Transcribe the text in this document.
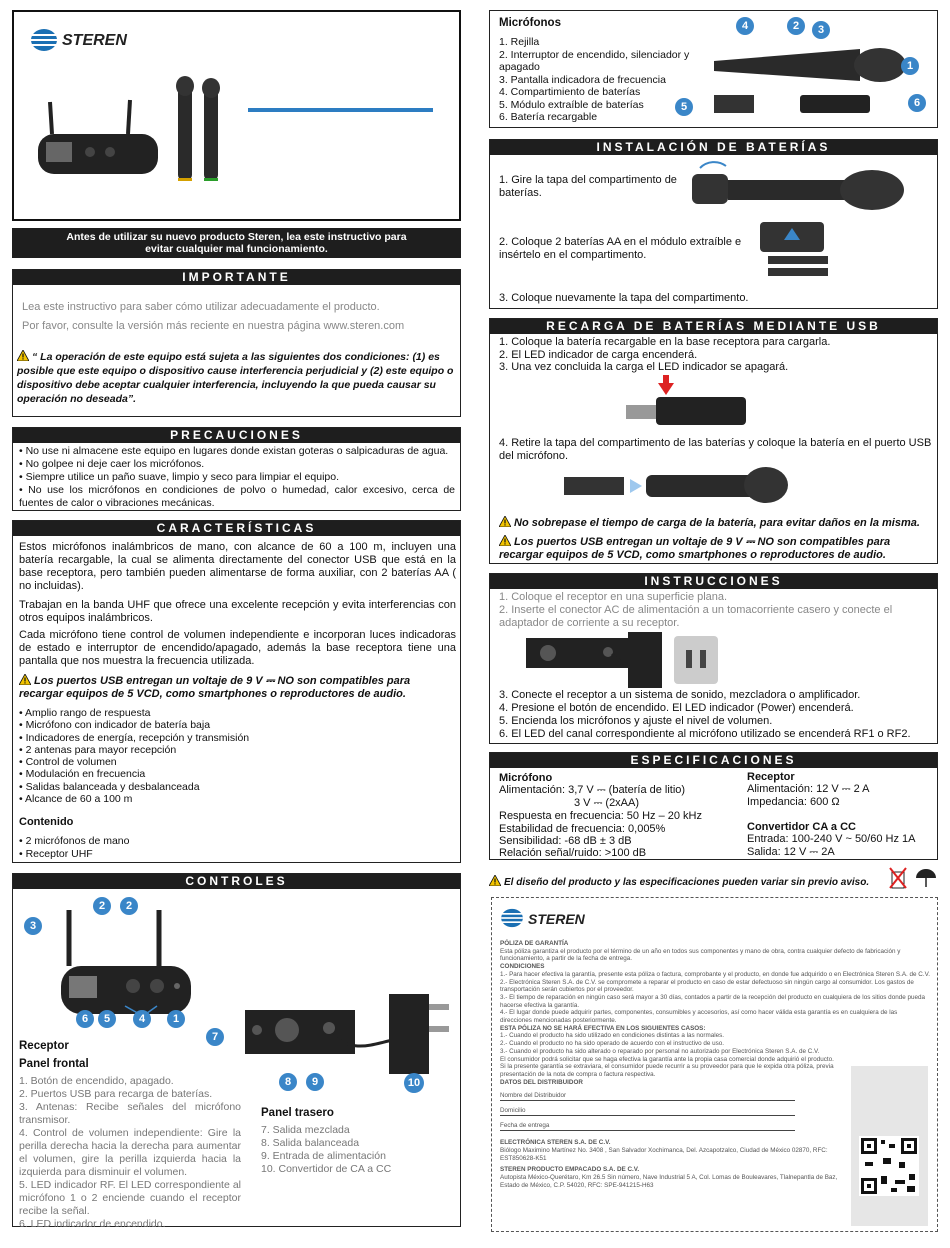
STEREN
Antes de utilizar su nuevo producto Steren, lea este instructivo para evitar cualquier mal funcionamiento.
IMPORTANTE
Lea este instructivo para saber cómo utilizar adecuadamente el producto.
Por favor, consulte la versión más reciente en nuestra página www.steren.com
“ La operación de este equipo está sujeta a las siguientes dos condiciones: (1) es posible que este equipo o dispositivo cause interferencia perjudicial y (2) este equipo o dispositivo debe aceptar cualquier interferencia, incluyendo la que pueda causar su operación no deseada”.
PRECAUCIONES
• No use ni almacene este equipo en lugares donde existan goteras o salpicaduras de agua.
• No golpee ni deje caer los micrófonos.
• Siempre utilice un paño suave, limpio y seco para limpiar el equipo.
• No use los micrófonos en condiciones de polvo o humedad, calor excesivo, cerca de fuentes de calor o vibraciones mecánicas.
CARACTERÍSTICAS
Estos micrófonos inalámbricos de mano, con alcance de 60 a 100 m, incluyen una batería recargable, la cual se alimenta directamente del conector USB que está en la base receptora, pero también pueden alimentarse de forma auxiliar, con 2 baterías AA ( no incluidas).
Trabajan en la banda UHF que ofrece una excelente recepción y evita interferencias con otros equipos inalámbricos.
Cada micrófono tiene control de volumen independiente e incorporan luces indicadoras de estado e interruptor de encendido/apagado, además la base receptora tiene una pantalla que nos muestra la frecuencia utilizada.
Los puertos USB entregan un voltaje de 9 V ⎓ NO son compatibles para recargar equipos de 5 VCD, como smartphones o reproductores de audio.
• Amplio rango de respuesta
• Micrófono con indicador de batería baja
• Indicadores de energía, recepción y transmisión
• 2 antenas para mayor recepción
• Control de volumen
• Modulación en frecuencia
• Salidas balanceada y desbalanceada
• Alcance de 60 a 100 m
Contenido
• 2 micrófonos de mano
• Receptor UHF
CONTROLES
3
2	2
6	5	4	1
7
8	9	10
Receptor
Panel frontal
1. Botón de encendido, apagado.
2. Puertos USB para recarga de baterías.
3. Antenas: Recibe señales del micrófono transmisor.
4. Control de volumen independiente: Gire la perilla derecha hacia la derecha para aumentar el volumen, gire la perilla izquierda hacia la izquierda para disminuir el volumen.
5. LED indicador RF. El LED correspondiente al micrófono 1 o 2 enciende cuando el receptor recibe la señal.
6. LED indicador de encendido.
Panel trasero
7. Salida mezclada
8. Salida balanceada
9. Entrada de alimentación
10. Convertidor de CA a CC
Micrófonos
1. Rejilla
2. Interruptor de encendido, silenciador y apagado
3. Pantalla indicadora de frecuencia
4. Compartimiento de baterías
5. Módulo extraíble de baterías
6. Batería recargable
4	2	3
1
5	6
INSTALACIÓN DE BATERÍAS
1. Gire la tapa del compartimento de baterías.
2. Coloque 2 baterías AA en el módulo extraíble e insértelo en el compartimento.
3. Coloque nuevamente la tapa del compartimento.
RECARGA DE BATERÍAS MEDIANTE USB
1. Coloque la batería recargable en la base receptora para cargarla.
2. El LED indicador de carga encenderá.
3. Una vez concluida la carga el LED indicador se apagará.
4. Retire la tapa del compartimento de las baterías y coloque la batería en el puerto USB del micrófono.
No sobrepase el tiempo de carga de la batería, para evitar daños en la misma.
Los puertos USB entregan un voltaje de 9 V ⎓ NO son compatibles para recargar equipos de 5 VCD, como smartphones o reproductores de audio.
INSTRUCCIONES
1. Coloque el receptor en una superficie plana.
2. Inserte el conector AC de alimentación a un tomacorriente casero y conecte el adaptador de corriente a su receptor.
3. Conecte el receptor a un sistema de sonido, mezcladora o amplificador.
4. Presione el botón de encendido. El LED indicador (Power) encenderá.
5. Encienda los micrófonos y ajuste el nivel de volumen.
6. El LED del canal correspondiente al micrófono utilizado se encenderá RF1 o RF2.
ESPECIFICACIONES
Micrófono
Alimentación: 3,7 V ⎓ (batería de litio)
3 V ⎓ (2xAA)
Respuesta en frecuencia: 50 Hz – 20 kHz
Estabilidad de frecuencia: 0,005%
Sensibilidad: -68 dB ± 3 dB
Relación señal/ruido: >100 dB
Receptor
Alimentación: 12 V ⎓ 2 A
Impedancia: 600 Ω
Convertidor CA a CC
Entrada: 100-240 V ~ 50/60 Hz 1A
Salida: 12 V ⎓ 2A
El diseño del producto y las especificaciones pueden variar sin previo aviso.
STEREN
PÓLIZA DE GARANTÍA
Esta póliza garantiza el producto por el término de un año en todos sus componentes y mano de obra, contra cualquier defecto de fabricación y funcionamiento, a partir de la fecha de entrega.
CONDICIONES
1.- Para hacer efectiva la garantía, presente esta póliza o factura, comprobante y el producto, en donde fue adquirido o en Electrónica Steren S.A. de C.V.
2.- Electrónica Steren S.A. de C.V. se compromete a reparar el producto en caso de estar defectuoso sin ningún cargo al consumidor. Los gastos de transportación serán cubiertos por el proveedor.
3.- El tiempo de reparación en ningún caso será mayor a 30 días, contados a partir de la recepción del producto en cualquiera de los sitios donde pueda hacerse efectiva la garantía.
4.- El lugar donde puede adquirir partes, componentes, consumibles y accesorios, así como hacer válida esta garantía es en cualquiera de las direcciones mencionadas posteriormente.
ESTA PÓLIZA NO SE HARÁ EFECTIVA EN LOS SIGUIENTES CASOS:
1.- Cuando el producto ha sido utilizado en condiciones distintas a las normales.
2.- Cuando el producto no ha sido operado de acuerdo con el instructivo de uso.
3.- Cuando el producto ha sido alterado o reparado por personal no autorizado por Electrónica Steren S.A. de C.V.
El consumidor podrá solicitar que se haga efectiva la garantía ante la propia casa comercial donde adquirió el producto.
Si la presente garantía se extraviara, el consumidor puede recurrir a su proveedor para que le expida otra póliza, previa presentación de la nota de compra o factura respectiva.
DATOS DEL DISTRIBUIDOR
Nombre del Distribuidor
Domicilio
Fecha de entrega
ELECTRÓNICA STEREN S.A. DE C.V.
Biólogo Maximino Martínez No. 3408 , San Salvador Xochimanca, Del. Azcapotzalco, Ciudad de México 02870, RFC: EST850628-K51
STEREN PRODUCTO EMPACADO S.A. DE C.V.
Autopista México-Querétaro, Km 26.5 Sin número, Nave Industrial 5 A, Col. Lomas de Bouleavares, Tlalnepantla de Baz, Estado de México, C.P. 54020, RFC: SPE-941215-H63
